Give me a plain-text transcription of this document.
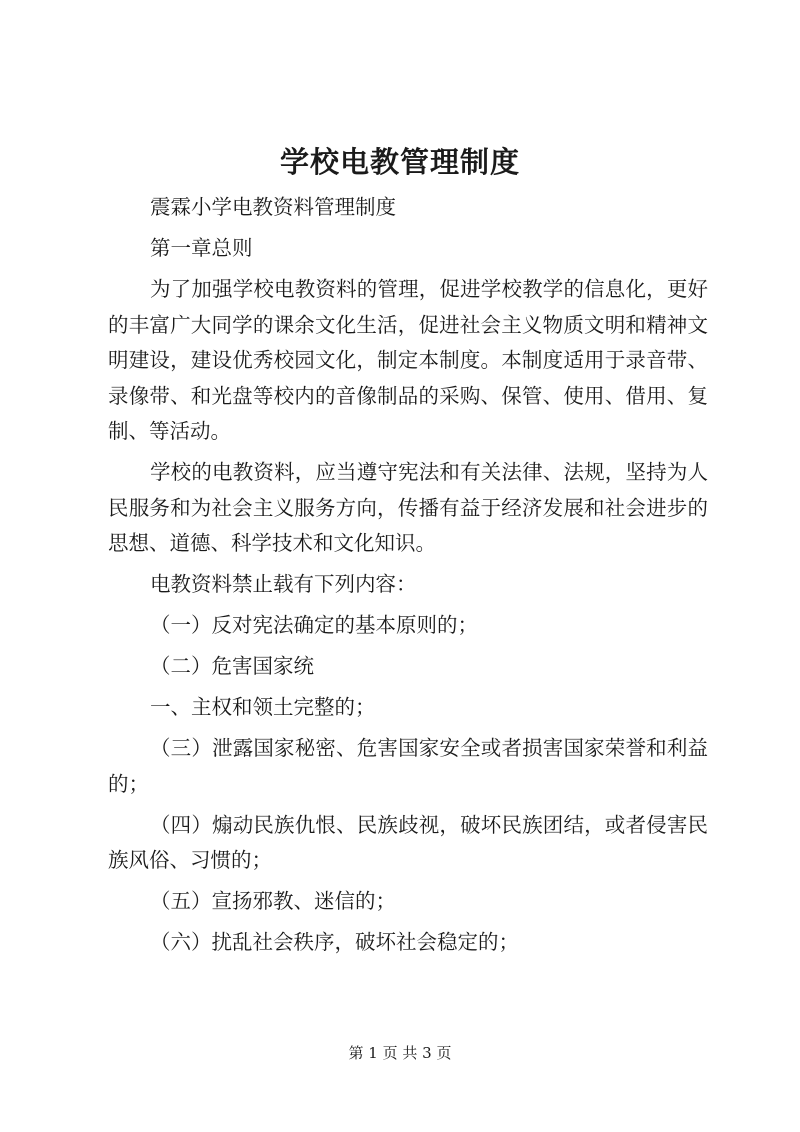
学校电教管理制度

震霖小学电教资料管理制度

第一章总则

为了加强学校电教资料的管理，促进学校教学的信息化，更好的丰富广大同学的课余文化生活，促进社会主义物质文明和精神文明建设，建设优秀校园文化，制定本制度。本制度适用于录音带、录像带、和光盘等校内的音像制品的采购、保管、使用、借用、复制、等活动。

学校的电教资料，应当遵守宪法和有关法律、法规，坚持为人民服务和为社会主义服务方向，传播有益于经济发展和社会进步的思想、道德、科学技术和文化知识。

电教资料禁止载有下列内容：

（一）反对宪法确定的基本原则的；

（二）危害国家统

一、主权和领土完整的；

（三）泄露国家秘密、危害国家安全或者损害国家荣誉和利益的；

（四）煽动民族仇恨、民族歧视，破坏民族团结，或者侵害民族风俗、习惯的；

（五）宣扬邪教、迷信的；

（六）扰乱社会秩序，破坏社会稳定的；

第 1 页 共 3 页
